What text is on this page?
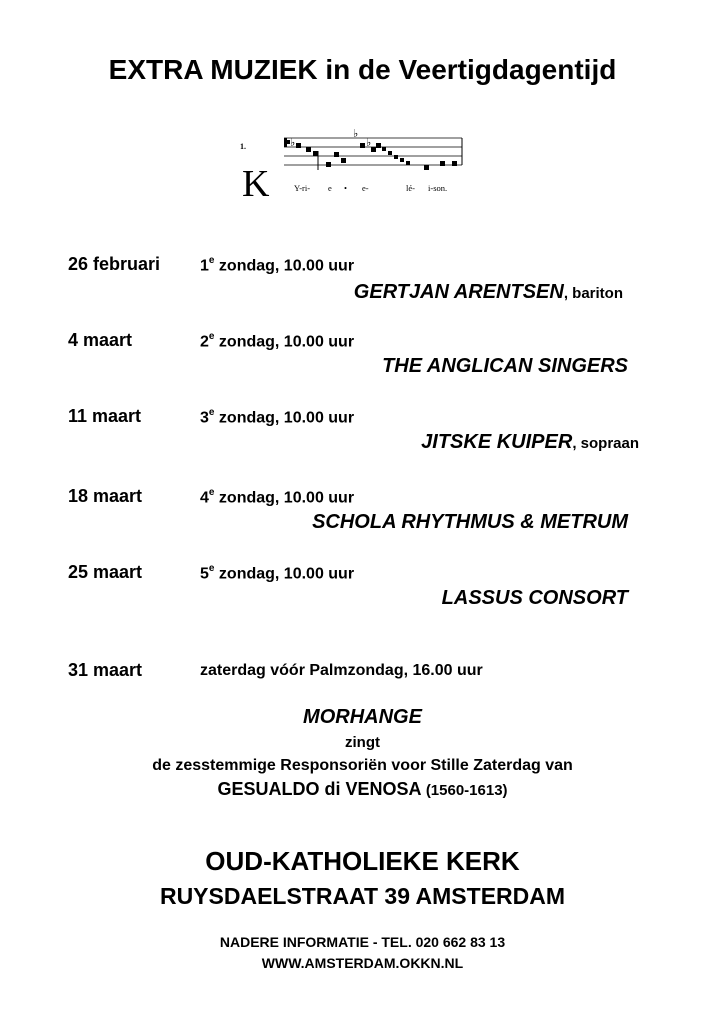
EXTRA MUZIEK in de Veertigdagentijd
1.
K
♭
♭
♭
Y-ri- e • e-	lé- i-son.
26 februari 1e zondag, 10.00 uur
GERTJAN ARENTSEN, bariton
4 maart	2e zondag, 10.00 uur
THE ANGLICAN SINGERS
11 maart	3e zondag, 10.00 uur
JITSKE KUIPER, sopraan
18 maart	4e zondag, 10.00 uur
SCHOLA RHYTHMUS & METRUM
25 maart	5e zondag, 10.00 uur
LASSUS CONSORT
31 maart	zaterdag vóór Palmzondag, 16.00 uur
MORHANGE
zingt
de zesstemmige Responsoriën voor Stille Zaterdag van
GESUALDO di VENOSA (1560-1613)
OUD-KATHOLIEKE KERK
RUYSDAELSTRAAT 39 AMSTERDAM
NADERE INFORMATIE - TEL. 020 662 83 13
WWW.AMSTERDAM.OKKN.NL
